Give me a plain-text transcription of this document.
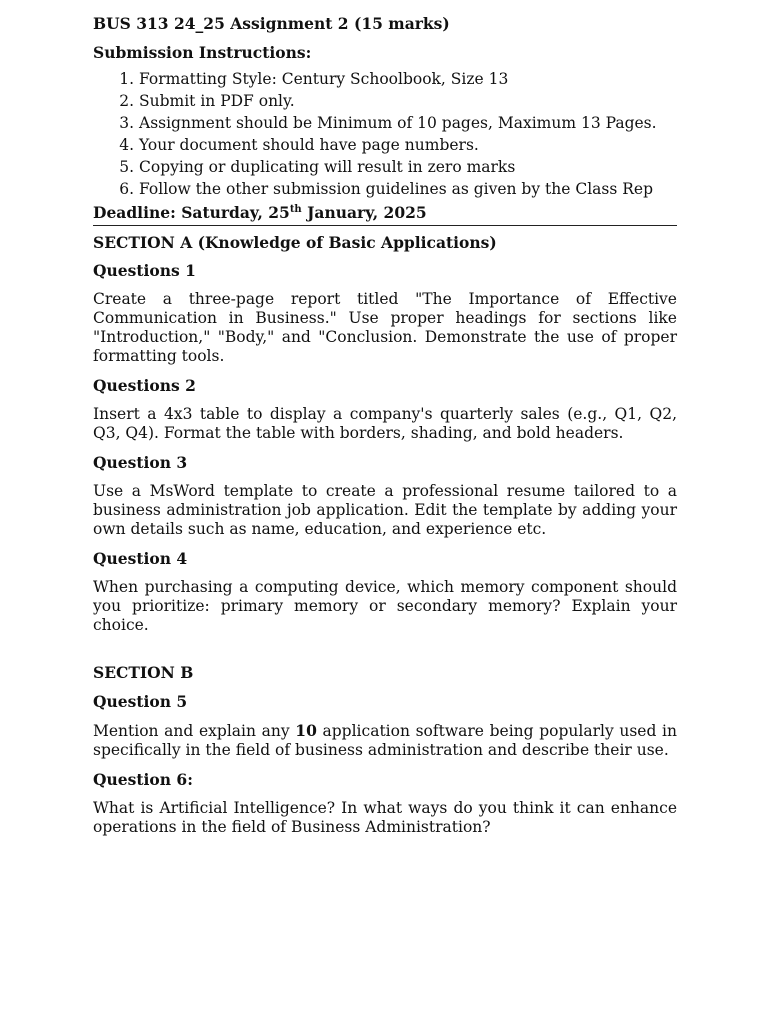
BUS 313 24_25 Assignment 2 (15 marks)

Submission Instructions:

1. Formatting Style: Century Schoolbook, Size 13
2. Submit in PDF only.
3. Assignment should be Minimum of 10 pages, Maximum 13 Pages.
4. Your document should have page numbers.
5. Copying or duplicating will result in zero marks
6. Follow the other submission guidelines as given by the Class Rep

Deadline: Saturday, 25th January, 2025

SECTION A (Knowledge of Basic Applications)

Questions 1

Create a three-page report titled "The Importance of Effective Communication in Business." Use proper headings for sections like "Introduction," "Body," and "Conclusion. Demonstrate the use of proper formatting tools.

Questions 2

Insert a 4x3 table to display a company's quarterly sales (e.g., Q1, Q2, Q3, Q4). Format the table with borders, shading, and bold headers.

Question 3

Use a MsWord template to create a professional resume tailored to a business administration job application. Edit the template by adding your own details such as name, education, and experience etc.

Question 4

When purchasing a computing device, which memory component should you prioritize: primary memory or secondary memory? Explain your choice.

SECTION B

Question 5

Mention and explain any 10 application software being popularly used in specifically in the field of business administration and describe their use.

Question 6:

What is Artificial Intelligence? In what ways do you think it can enhance operations in the field of Business Administration?
